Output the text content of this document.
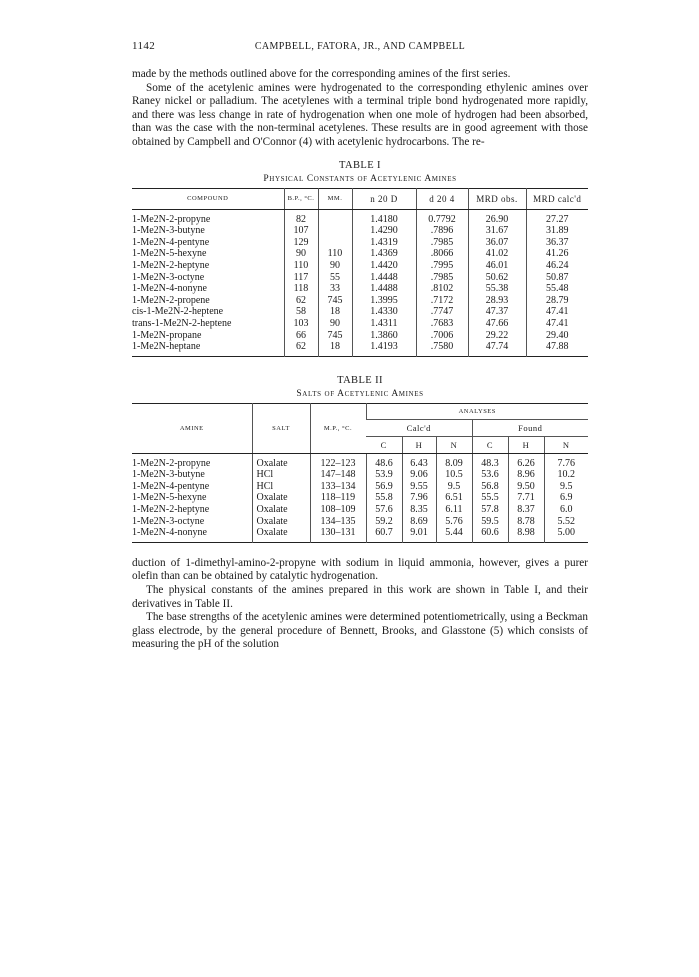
1142	CAMPBELL, FATORA, JR., AND CAMPBELL

made by the methods outlined above for the corresponding amines of the first series.

Some of the acetylenic amines were hydrogenated to the corresponding ethylenic amines over Raney nickel or palladium. The acetylenes with a terminal triple bond hydrogenated more rapidly, and there was less change in rate of hydrogenation when one mole of hydrogen had been absorbed, than was the case with the non-terminal acetylenes. These results are in good agreement with those obtained by Campbell and O'Connor (4) with acetylenic hydrocarbons. The re-

TABLE I
Physical Constants of Acetylenic Amines
COMPOUND	B.P., °C.	MM.	n 20 D	d 20 4	MRD obs.	MRD calc'd
1-Me2N-2-propyne	82		1.4180	0.7792	26.90	27.27
1-Me2N-3-butyne	107		1.4290	.7896	31.67	31.89
1-Me2N-4-pentyne	129		1.4319	.7985	36.07	36.37
1-Me2N-5-hexyne	90	110	1.4369	.8066	41.02	41.26
1-Me2N-2-heptyne	110	90	1.4420	.7995	46.01	46.24
1-Me2N-3-octyne	117	55	1.4448	.7985	50.62	50.87
1-Me2N-4-nonyne	118	33	1.4488	.8102	55.38	55.48
1-Me2N-2-propene	62	745	1.3995	.7172	28.93	28.79
cis-1-Me2N-2-heptene	58	18	1.4330	.7747	47.37	47.41
trans-1-Me2N-2-heptene	103	90	1.4311	.7683	47.66	47.41
1-Me2N-propane	66	745	1.3860	.7006	29.22	29.40
1-Me2N-heptane	62	18	1.4193	.7580	47.74	47.88
TABLE II
Salts of Acetylenic Amines
AMINE	SALT	M.P., °C.	ANALYSES					
			Calc'd			Found		
			C	H	N	C	H	N
1-Me2N-2-propyne	Oxalate	122–123	48.6	6.43	8.09	48.3	6.26	7.76
1-Me2N-3-butyne	HCl	147–148	53.9	9.06	10.5	53.6	8.96	10.2
1-Me2N-4-pentyne	HCl	133–134	56.9	9.55	9.5	56.8	9.50	9.5
1-Me2N-5-hexyne	Oxalate	118–119	55.8	7.96	6.51	55.5	7.71	6.9
1-Me2N-2-heptyne	Oxalate	108–109	57.6	8.35	6.11	57.8	8.37	6.0
1-Me2N-3-octyne	Oxalate	134–135	59.2	8.69	5.76	59.5	8.78	5.52
1-Me2N-4-nonyne	Oxalate	130–131	60.7	9.01	5.44	60.6	8.98	5.00

duction of 1-dimethyl-amino-2-propyne with sodium in liquid ammonia, however, gives a purer olefin than can be obtained by catalytic hydrogenation.

The physical constants of the amines prepared in this work are shown in Table I, and their derivatives in Table II.

The base strengths of the acetylenic amines were determined potentiometrically, using a Beckman glass electrode, by the general procedure of Bennett, Brooks, and Glasstone (5) which consists of measuring the pH of the solution
